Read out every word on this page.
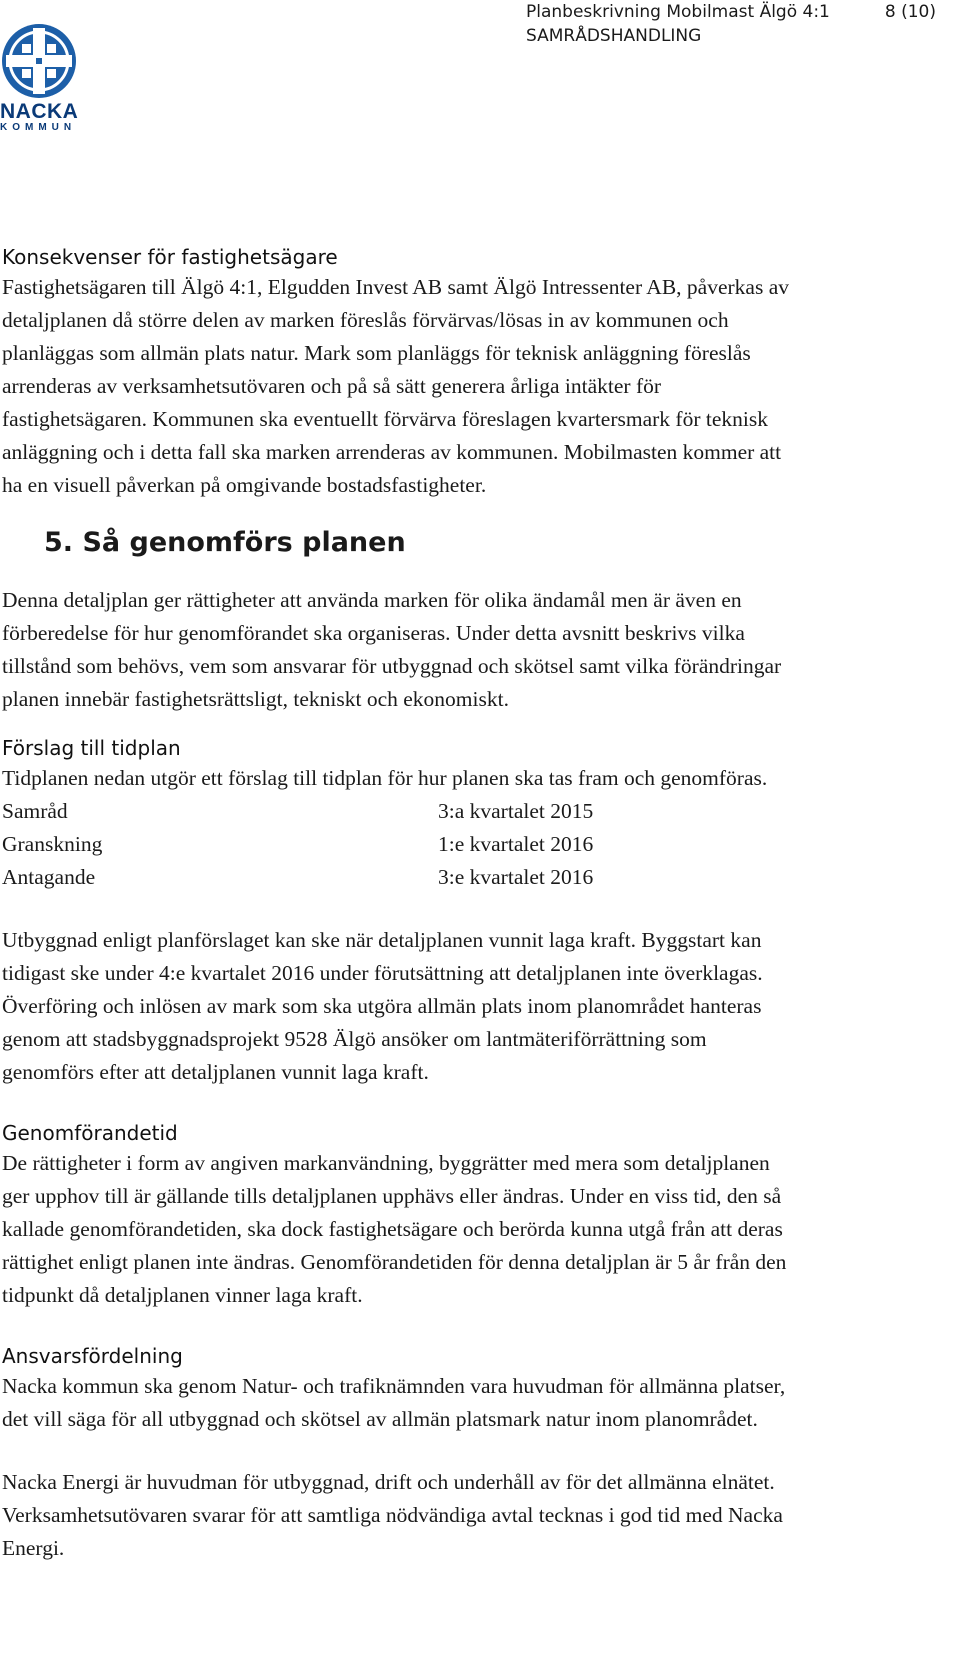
NACKA
KOMMUN
Planbeskrivning Mobilmast Älgö 4:1	8 (10)
SAMRÅDSHANDLING
Konsekvenser för fastighetsägare
Fastighetsägaren till Älgö 4:1, Elgudden Invest AB samt Älgö Intressenter AB, påverkas av
detaljplanen då större delen av marken föreslås förvärvas/lösas in av kommunen och
planläggas som allmän plats natur. Mark som planläggs för teknisk anläggning föreslås
arrenderas av verksamhetsutövaren och på så sätt generera årliga intäkter för
fastighetsägaren. Kommunen ska eventuellt förvärva föreslagen kvartersmark för teknisk
anläggning och i detta fall ska marken arrenderas av kommunen. Mobilmasten kommer att
ha en visuell påverkan på omgivande bostadsfastigheter.
5. Så genomförs planen
Denna detaljplan ger rättigheter att använda marken för olika ändamål men är även en
förberedelse för hur genomförandet ska organiseras. Under detta avsnitt beskrivs vilka
tillstånd som behövs, vem som ansvarar för utbyggnad och skötsel samt vilka förändringar
planen innebär fastighetsrättsligt, tekniskt och ekonomiskt.
Förslag till tidplan
Tidplanen nedan utgör ett förslag till tidplan för hur planen ska tas fram och genomföras.
Samråd	3:a kvartalet 2015
Granskning	1:e kvartalet 2016
Antagande	3:e kvartalet 2016
Utbyggnad enligt planförslaget kan ske när detaljplanen vunnit laga kraft. Byggstart kan
tidigast ske under 4:e kvartalet 2016 under förutsättning att detaljplanen inte överklagas.
Överföring och inlösen av mark som ska utgöra allmän plats inom planområdet hanteras
genom att stadsbyggnadsprojekt 9528 Älgö ansöker om lantmäteriförrättning som
genomförs efter att detaljplanen vunnit laga kraft.
Genomförandetid
De rättigheter i form av angiven markanvändning, byggrätter med mera som detaljplanen
ger upphov till är gällande tills detaljplanen upphävs eller ändras. Under en viss tid, den så
kallade genomförandetiden, ska dock fastighetsägare och berörda kunna utgå från att deras
rättighet enligt planen inte ändras. Genomförandetiden för denna detaljplan är 5 år från den
tidpunkt då detaljplanen vinner laga kraft.
Ansvarsfördelning
Nacka kommun ska genom Natur- och trafiknämnden vara huvudman för allmänna platser,
det vill säga för all utbyggnad och skötsel av allmän platsmark natur inom planområdet.
Nacka Energi är huvudman för utbyggnad, drift och underhåll av för det allmänna elnätet.
Verksamhetsutövaren svarar för att samtliga nödvändiga avtal tecknas i god tid med Nacka
Energi.
